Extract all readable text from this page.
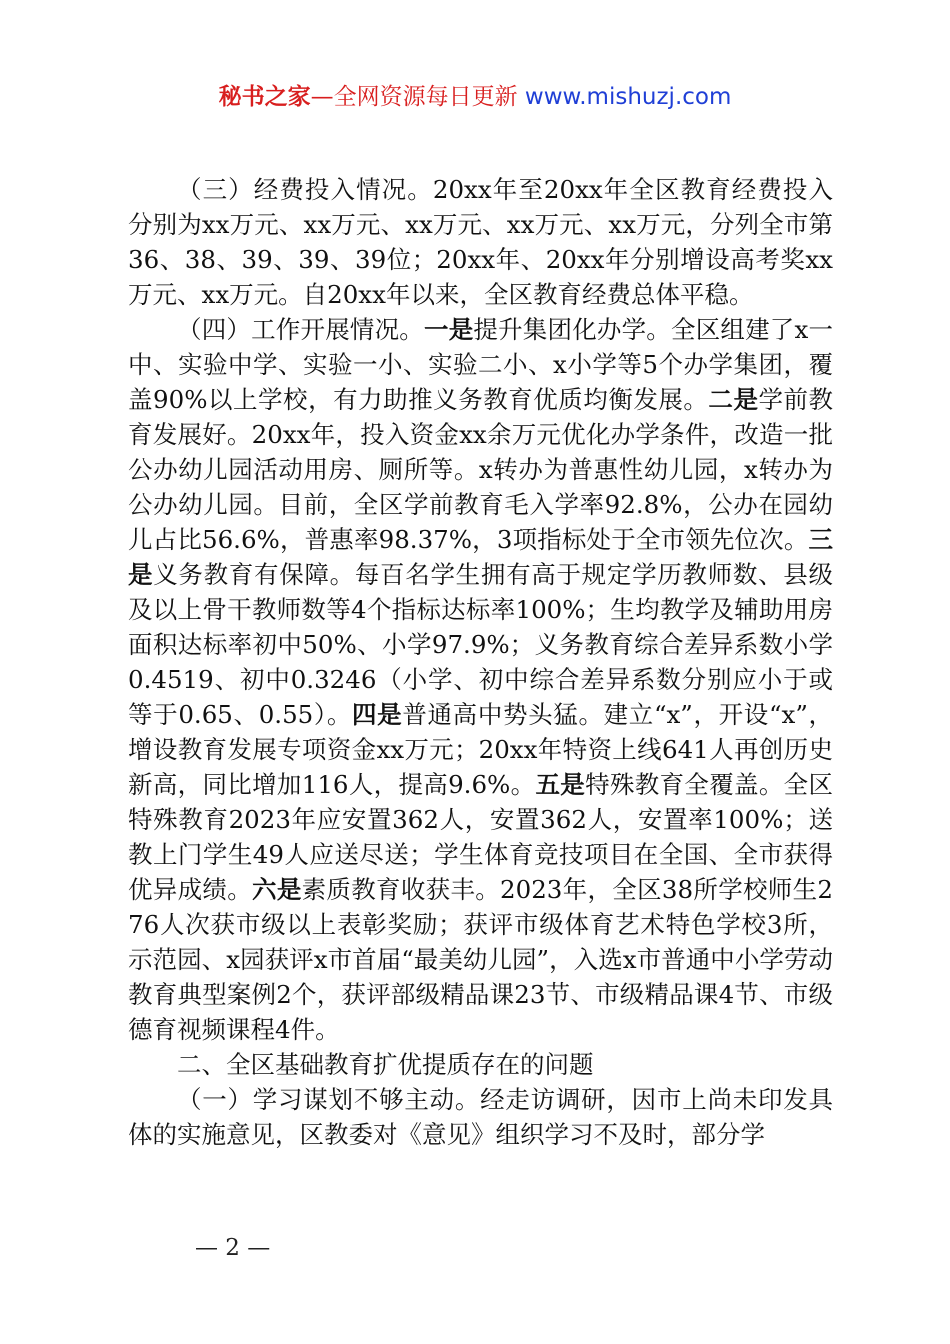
秘书之家—全网资源每日更新 www.mishuzj.com

（三）经费投入情况。20xx年至20xx年全区教育经费投入分别为xx万元、xx万元、xx万元、xx万元、xx万元，分列全市第36、38、39、39、39位；20xx年、20xx年分别增设高考奖xx万元、xx万元。自20xx年以来，全区教育经费总体平稳。

（四）工作开展情况。一是提升集团化办学。全区组建了x一中、实验中学、实验一小、实验二小、x小学等5个办学集团，覆盖90%以上学校，有力助推义务教育优质均衡发展。二是学前教育发展好。20xx年，投入资金xx余万元优化办学条件，改造一批公办幼儿园活动用房、厕所等。x转办为普惠性幼儿园，x转办为公办幼儿园。目前，全区学前教育毛入学率92.8%，公办在园幼儿占比56.6%，普惠率98.37%，3项指标处于全市领先位次。三是义务教育有保障。每百名学生拥有高于规定学历教师数、县级及以上骨干教师数等4个指标达标率100%；生均教学及辅助用房面积达标率初中50%、小学97.9%；义务教育综合差异系数小学0.4519、初中0.3246（小学、初中综合差异系数分别应小于或等于0.65、0.55）。四是普通高中势头猛。建立“x”，开设“x”，增设教育发展专项资金xx万元；20xx年特资上线641人再创历史新高，同比增加116人，提高9.6%。五是特殊教育全覆盖。全区特殊教育2023年应安置362人，安置362人，安置率100%；送教上门学生49人应送尽送；学生体育竞技项目在全国、全市获得优异成绩。六是素质教育收获丰。2023年，全区38所学校师生276人次获市级以上表彰奖励；获评市级体育艺术特色学校3所，示范园、x园获评x市首届“最美幼儿园”，入选x市普通中小学劳动教育典型案例2个，获评部级精品课23节、市级精品课4节、市级德育视频课程4件。

二、全区基础教育扩优提质存在的问题

（一）学习谋划不够主动。经走访调研，因市上尚未印发具体的实施意见，区教委对《意见》组织学习不及时，部分学

— 2 —
